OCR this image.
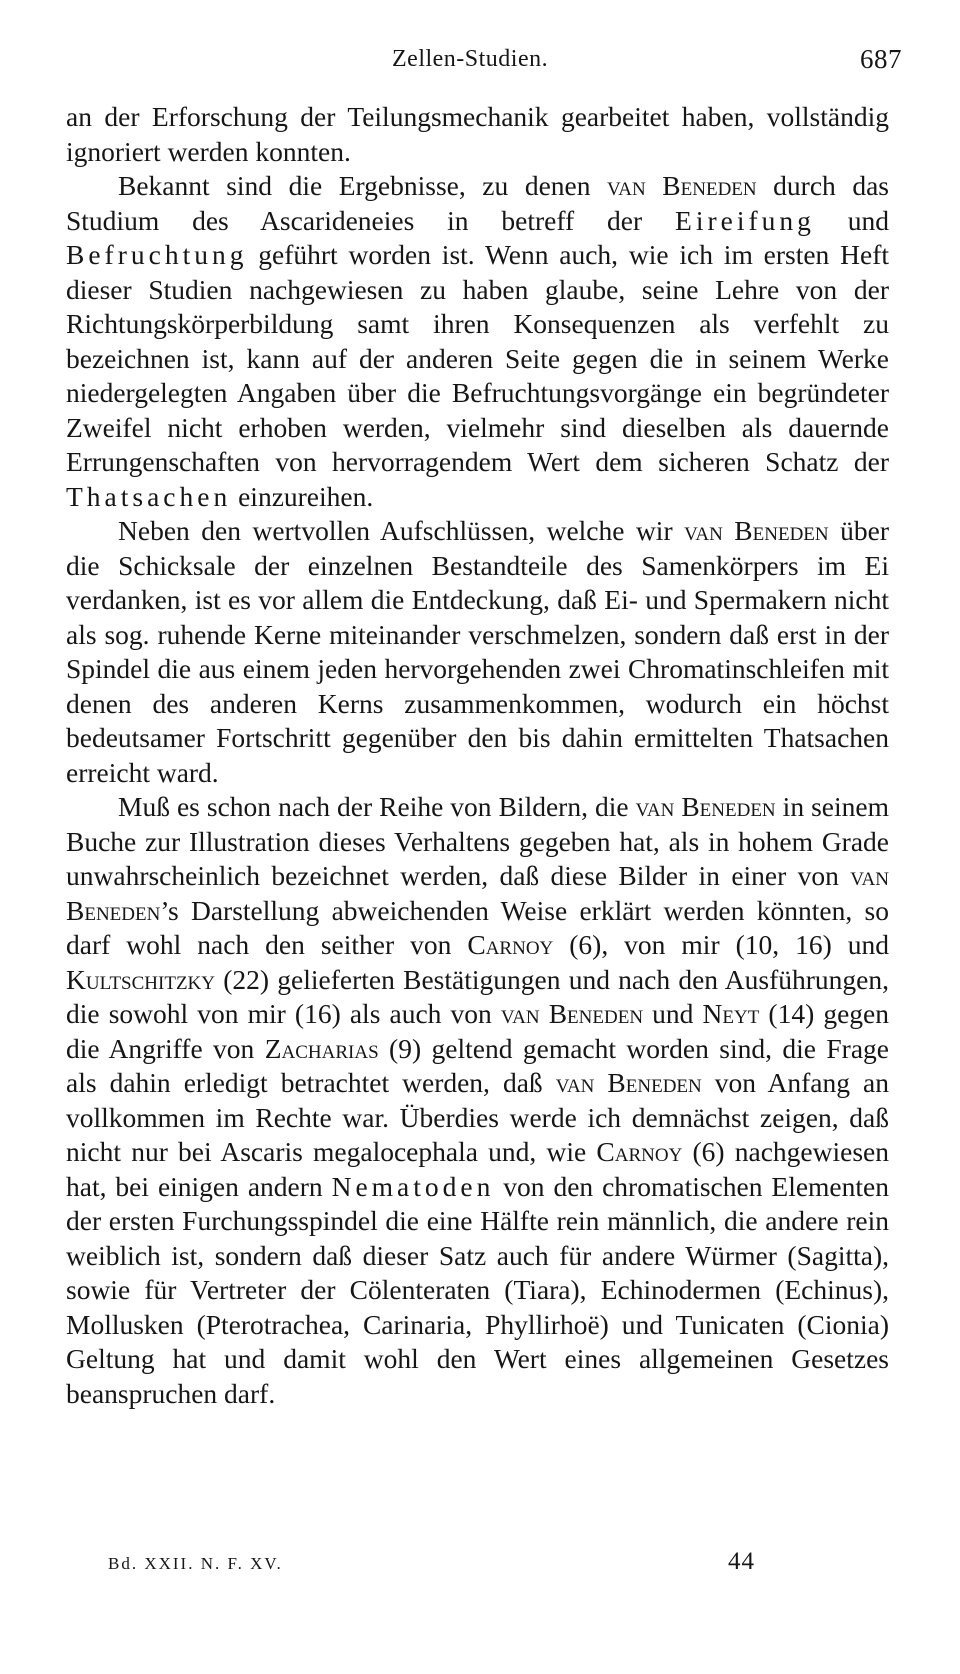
Zellen-Studien.	687

an der Erforschung der Teilungsmechanik gearbeitet haben, vollständig ignoriert werden konnten.

Bekannt sind die Ergebnisse, zu denen van Beneden durch das Studium des Ascarideneies in betreff der Eireifung und Befruchtung geführt worden ist. Wenn auch, wie ich im ersten Heft dieser Studien nachgewiesen zu haben glaube, seine Lehre von der Richtungskörperbildung samt ihren Konsequenzen als verfehlt zu bezeichnen ist, kann auf der anderen Seite gegen die in seinem Werke niedergelegten Angaben über die Befruchtungsvorgänge ein begründeter Zweifel nicht erhoben werden, vielmehr sind dieselben als dauernde Errungenschaften von hervorragendem Wert dem sicheren Schatz der Thatsachen einzureihen.

Neben den wertvollen Aufschlüssen, welche wir van Beneden über die Schicksale der einzelnen Bestandteile des Samenkörpers im Ei verdanken, ist es vor allem die Entdeckung, daß Ei- und Spermakern nicht als sog. ruhende Kerne miteinander verschmelzen, sondern daß erst in der Spindel die aus einem jeden hervorgehenden zwei Chromatinschleifen mit denen des anderen Kerns zusammenkommen, wodurch ein höchst bedeutsamer Fortschritt gegenüber den bis dahin ermittelten Thatsachen erreicht ward.

Muß es schon nach der Reihe von Bildern, die van Beneden in seinem Buche zur Illustration dieses Verhaltens gegeben hat, als in hohem Grade unwahrscheinlich bezeichnet werden, daß diese Bilder in einer von van Beneden’s Darstellung abweichenden Weise erklärt werden könnten, so darf wohl nach den seither von Carnoy (6), von mir (10, 16) und Kultschitzky (22) gelieferten Bestätigungen und nach den Ausführungen, die sowohl von mir (16) als auch von van Beneden und Neyt (14) gegen die Angriffe von Zacharias (9) geltend gemacht worden sind, die Frage als dahin erledigt betrachtet werden, daß van Beneden von Anfang an vollkommen im Rechte war. Überdies werde ich demnächst zeigen, daß nicht nur bei Ascaris megalocephala und, wie Carnoy (6) nachgewiesen hat, bei einigen andern Nematoden von den chromatischen Elementen der ersten Furchungsspindel die eine Hälfte rein männlich, die andere rein weiblich ist, sondern daß dieser Satz auch für andere Würmer (Sagitta), sowie für Vertreter der Cölenteraten (Tiara), Echinodermen (Echinus), Mollusken (Pterotrachea, Carinaria, Phyllirhoë) und Tunicaten (Cionia) Geltung hat und damit wohl den Wert eines allgemeinen Gesetzes beanspruchen darf.

Bd. XXII. N. F. XV.	44
